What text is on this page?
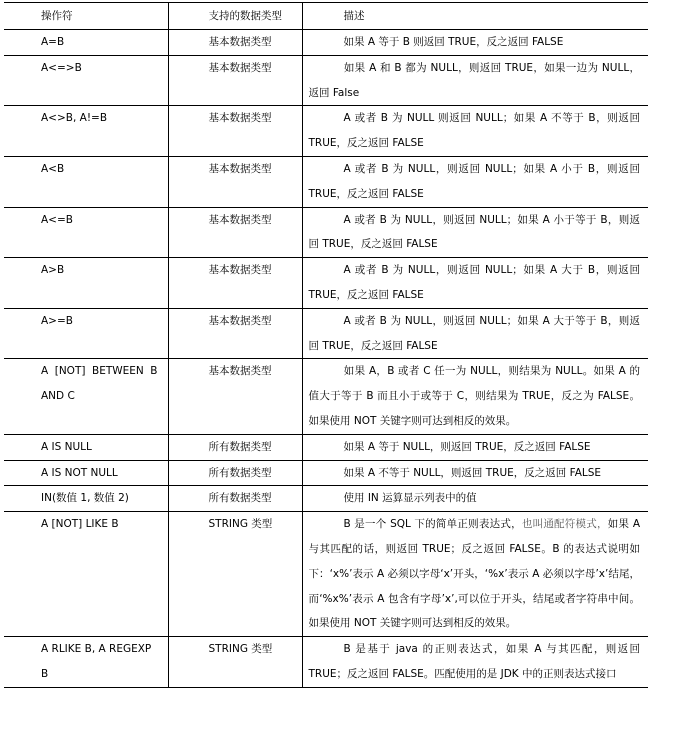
操作符	支持的数据类型	描述
A=B	基本数据类型	如果 A 等于 B 则返回 TRUE，反之返回 FALSE

A<=>B	基本数据类型	如果 A 和 B 都为 NULL，则返回 TRUE，如果一边为 NULL，返回 False

A<>B, A!=B	基本数据类型	A 或者 B 为 NULL 则返回 NULL；如果 A 不等于 B，则返回 TRUE，反之返回 FALSE

A<B	基本数据类型	A 或者 B 为 NULL，则返回 NULL；如果 A 小于 B，则返回 TRUE，反之返回 FALSE

A<=B	基本数据类型	A 或者 B 为 NULL，则返回 NULL；如果 A 小于等于 B，则返回 TRUE，反之返回 FALSE

A>B	基本数据类型	A 或者 B 为 NULL，则返回 NULL；如果 A 大于 B，则返回 TRUE，反之返回 FALSE

A>=B	基本数据类型	A 或者 B 为 NULL，则返回 NULL；如果 A 大于等于 B，则返回 TRUE，反之返回 FALSE

A [NOT] BETWEEN B AND C	基本数据类型	如果 A，B 或者 C 任一为 NULL，则结果为 NULL。如果 A 的值大于等于 B 而且小于或等于 C，则结果为 TRUE，反之为 FALSE。如果使用 NOT 关键字则可达到相反的效果。

A IS NULL	所有数据类型	如果 A 等于 NULL，则返回 TRUE，反之返回 FALSE

A IS NOT NULL	所有数据类型	如果 A 不等于 NULL，则返回 TRUE，反之返回 FALSE

IN(数值 1, 数值 2)	所有数据类型	使用 IN 运算显示列表中的值

A [NOT] LIKE B	STRING 类型	B 是一个 SQL 下的简单正则表达式，也叫通配符模式，如果 A 与其匹配的话，则返回 TRUE；反之返回 FALSE。B 的表达式说明如下：‘x%’表示 A 必须以字母‘x’开头，‘%x’表示 A 必须以字母’x’结尾，而‘%x%’表示 A 包含有字母’x’,可以位于开头，结尾或者字符串中间。如果使用 NOT 关键字则可达到相反的效果。

A RLIKE B, A REGEXP B	STRING 类型	B 是基于 java 的正则表达式，如果 A 与其匹配，则返回 TRUE；反之返回 FALSE。匹配使用的是 JDK 中的正则表达式接口
